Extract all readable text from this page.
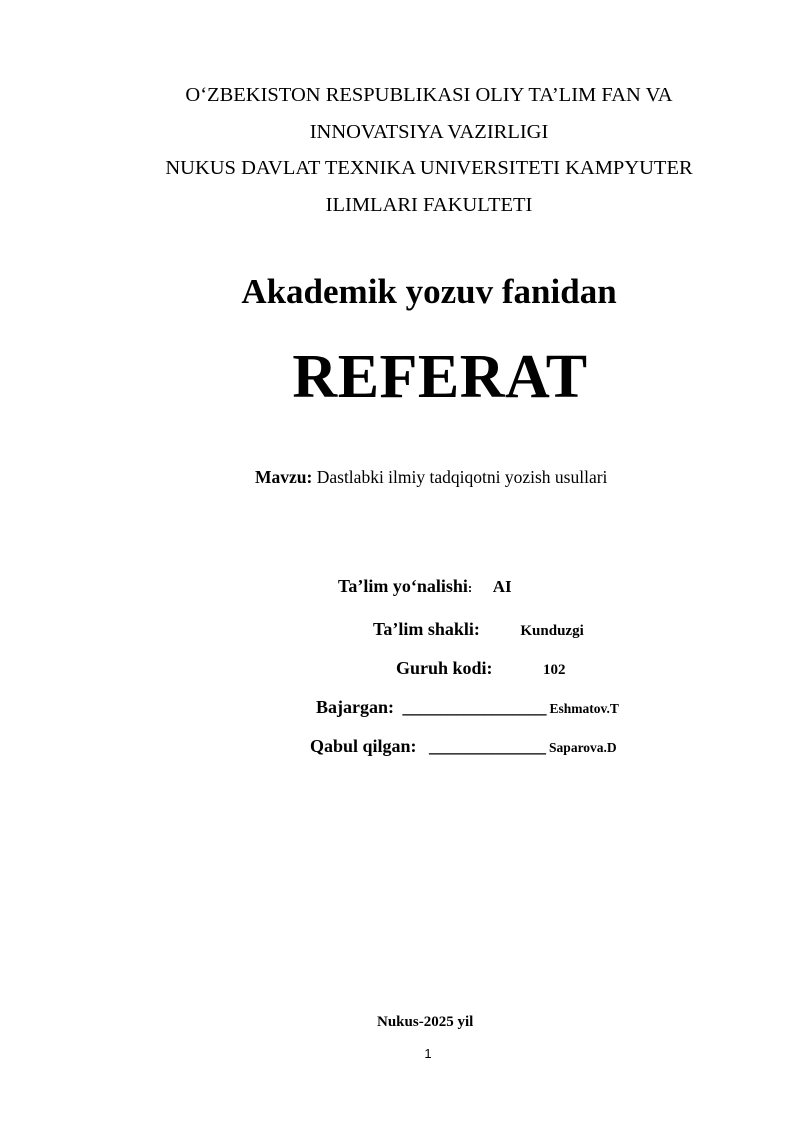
O‘ZBEKISTON RESPUBLIKASI OLIY TA’LIM FAN VA
INNOVATSIYA VAZIRLIGI
NUKUS DAVLAT TEXNIKA UNIVERSITETI KAMPYUTER
ILIMLARI FAKULTETI
Akademik yozuv fanidan
REFERAT
Mavzu: Dastlabki ilmiy tadqiqotni yozish usullari
Ta’lim yo‘nalishi: AI
Ta’lim shakli:	Kunduzgi
Guruh kodi:	102
Bajargan: ________________ Eshmatov.T
Qabul qilgan: _____________ Saparova.D
Nukus-2025 yil
1
